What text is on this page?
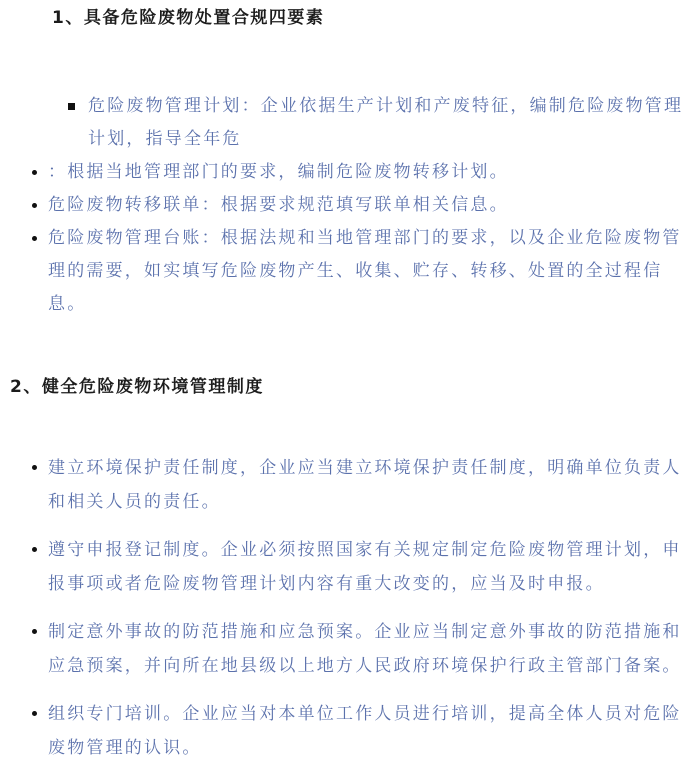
1、具备危险废物处置合规四要素
危险废物管理计划：企业依据生产计划和产废特征，编制危险废物管理计划，指导全年危
：根据当地管理部门的要求，编制危险废物转移计划。
危险废物转移联单：根据要求规范填写联单相关信息。
危险废物管理台账：根据法规和当地管理部门的要求，以及企业危险废物管理的需要，如实填写危险废物产生、收集、贮存、转移、处置的全过程信息。
2、健全危险废物环境管理制度
建立环境保护责任制度，企业应当建立环境保护责任制度，明确单位负责人和相关人员的责任。
遵守申报登记制度。企业必须按照国家有关规定制定危险废物管理计划，申报事项或者危险废物管理计划内容有重大改变的，应当及时申报。
制定意外事故的防范措施和应急预案。企业应当制定意外事故的防范措施和应急预案，并向所在地县级以上地方人民政府环境保护行政主管部门备案。
组织专门培训。企业应当对本单位工作人员进行培训，提高全体人员对危险废物管理的认识。
